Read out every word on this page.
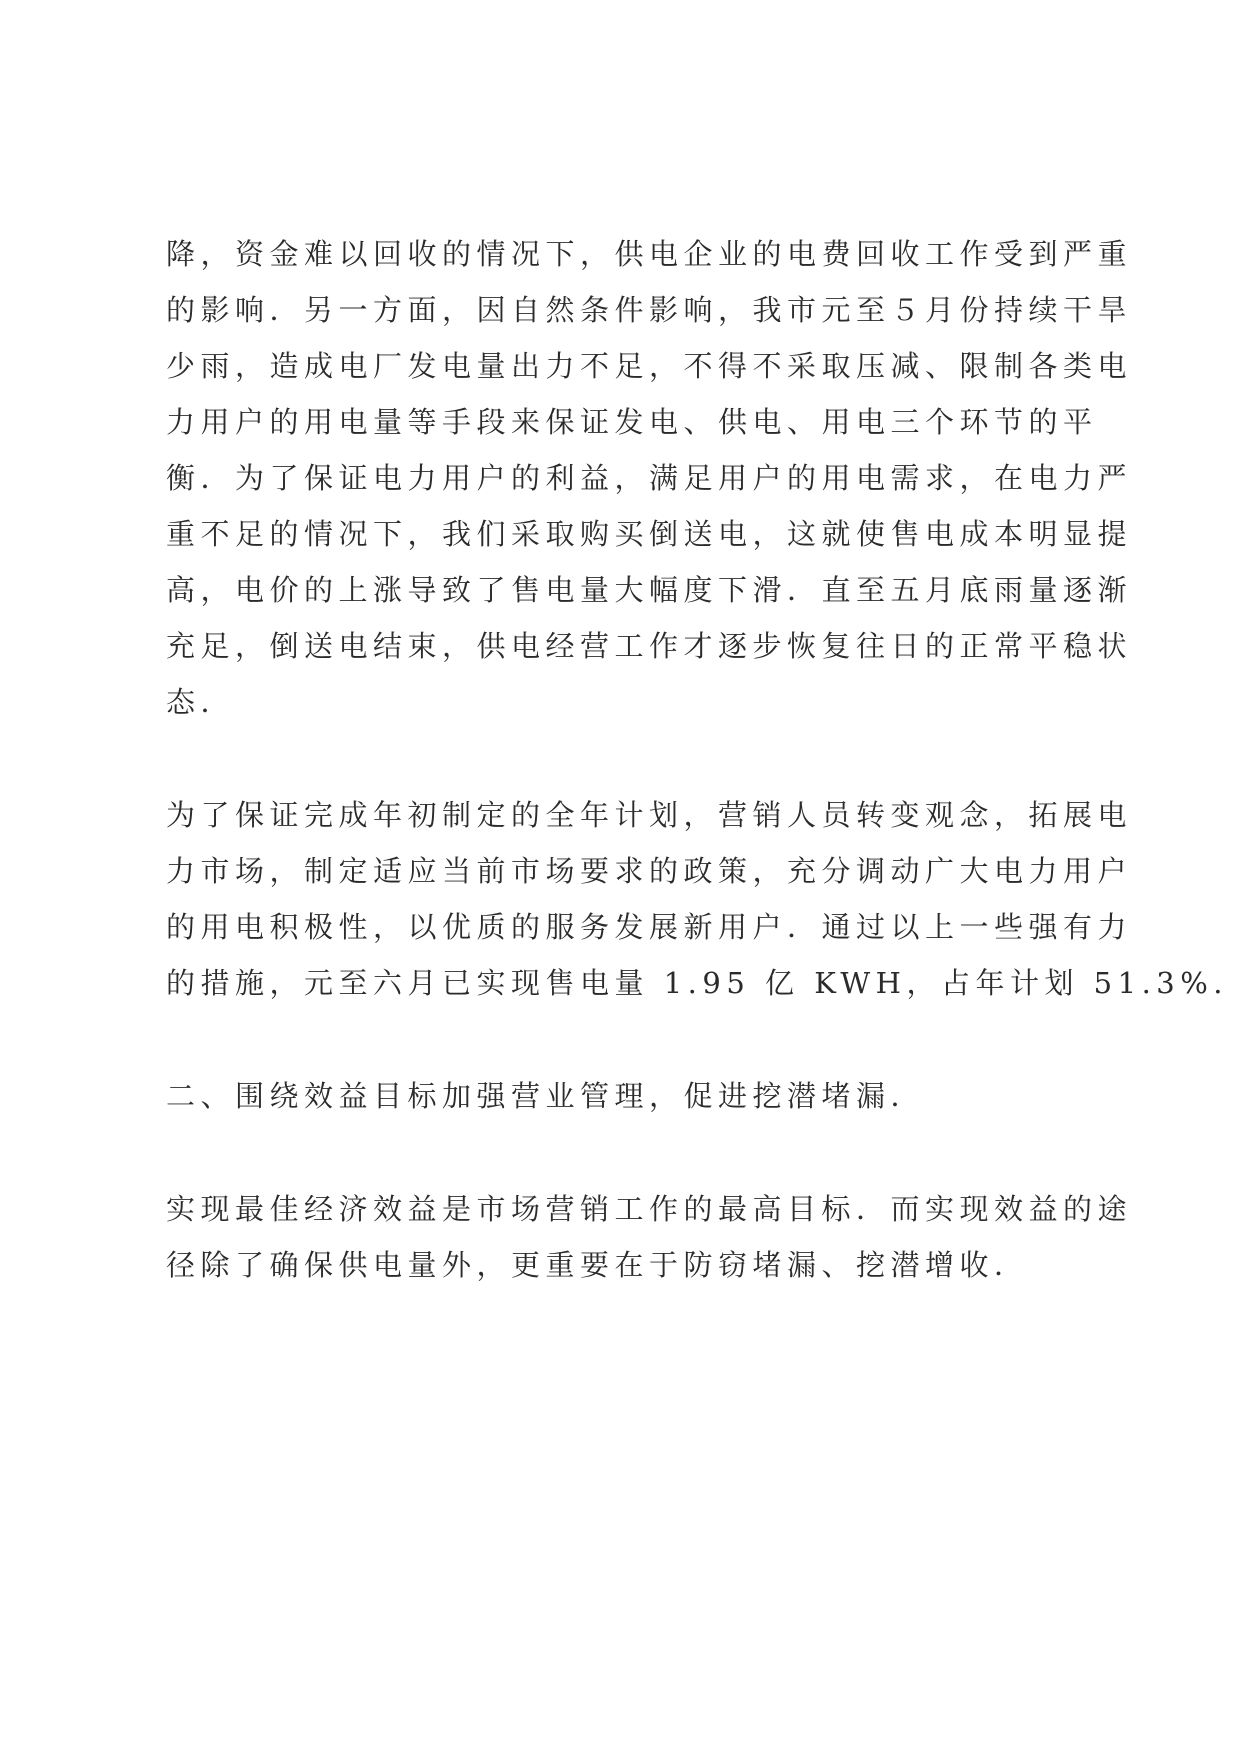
降，资金难以回收的情况下，供电企业的电费回收工作受到严重
的影响．另一方面，因自然条件影响，我市元至５月份持续干旱
少雨，造成电厂发电量出力不足，不得不采取压减、限制各类电
力用户的用电量等手段来保证发电、供电、用电三个环节的平
衡．为了保证电力用户的利益，满足用户的用电需求，在电力严
重不足的情况下，我们采取购买倒送电，这就使售电成本明显提
高，电价的上涨导致了售电量大幅度下滑．直至五月底雨量逐渐
充足，倒送电结束，供电经营工作才逐步恢复往日的正常平稳状
态．

为了保证完成年初制定的全年计划，营销人员转变观念，拓展电
力市场，制定适应当前市场要求的政策，充分调动广大电力用户
的用电积极性，以优质的服务发展新用户．通过以上一些强有力
的措施，元至六月已实现售电量 1.95 亿 KWH，占年计划 51.3%.

二、围绕效益目标加强营业管理，促进挖潜堵漏．

实现最佳经济效益是市场营销工作的最高目标．而实现效益的途
径除了确保供电量外，更重要在于防窃堵漏、挖潜增收．
